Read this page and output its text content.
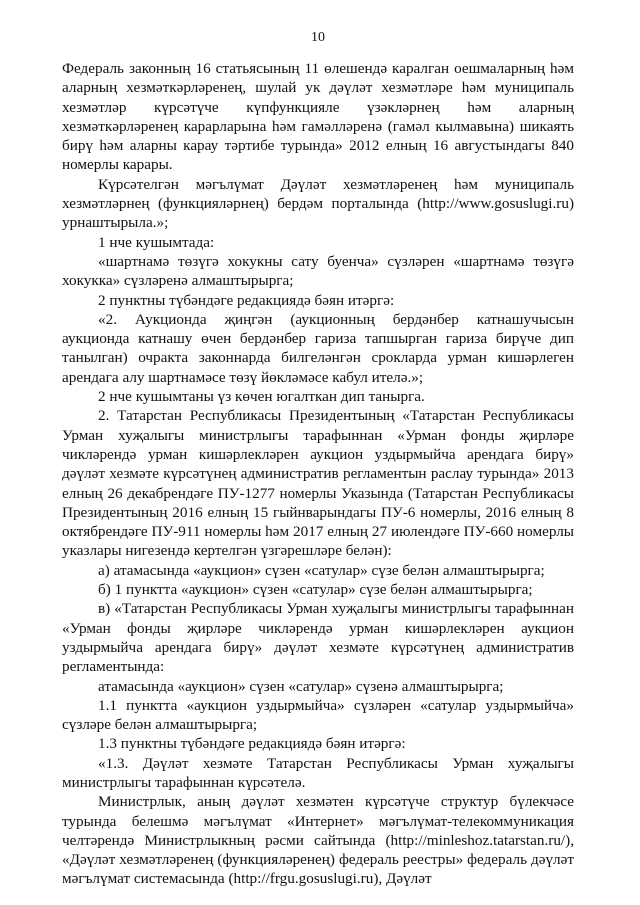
10

Федераль законның 16 статьясының 11 өлешендә каралган оешмаларның һәм аларның хезмәткәрләренең, шулай ук дәүләт хезмәтләре һәм муниципаль хезмәтләр күрсәтүче күпфункцияле үзәкләрнең һәм аларның хезмәткәрләренең карарларына һәм гамәлләренә (гамәл кылмавына) шикаять бирү һәм аларны карау тәртибе турында» 2012 елның 16 августындагы 840 номерлы карары.

Күрсәтелгән мәгълүмат Дәүләт хезмәтләренең һәм муниципаль хезмәтләрнең (функцияләрнең) бердәм порталында (http://www.gosuslugi.ru) урнаштырыла.»;

1 нче кушымтада:

«шартнамә төзүгә хокукны сату буенча» сүзләрен «шартнамә төзүгә хокукка» сүзләренә алмаштырырга;

2 пунктны түбәндәге редакциядә бәян итәргә:

«2. Аукционда җиңгән (аукционның бердәнбер катнашучысын аукционда катнашу өчен бердәнбер гариза тапшырган гариза бирүче дип танылган) очракта законнарда билгеләнгән срокларда урман кишәрлеген арендага алу шартнамәсе төзү йөкләмәсе кабул ителә.»;

2 нче кушымтаны үз көчен югалткан дип танырга.

2. Татарстан Республикасы Президентының «Татарстан Республикасы Урман хуҗалыгы министрлыгы тарафыннан «Урман фонды җирләре чикләрендә урман кишәрлекләрен аукцион уздырмыйча арендага бирү» дәүләт хезмәте күрсәтүнең административ регламентын раслау турында» 2013 елның 26 декабрендәге ПУ-1277 номерлы Указында (Татарстан Республикасы Президентының 2016 елның 15 гыйнварындагы ПУ-6 номерлы, 2016 елның 8 октябрендәге ПУ-911 номерлы һәм 2017 елның 27 июлендәге ПУ-660 номерлы указлары нигезендә кертелгән үзгәрешләре белән):

а) атамасында «аукцион» сүзен «сатулар» сүзе белән алмаштырырга;

б) 1 пунктта «аукцион» сүзен «сатулар» сүзе белән алмаштырырга;

в) «Татарстан Республикасы Урман хуҗалыгы министрлыгы тарафыннан «Урман фонды җирләре чикләрендә урман кишәрлекләрен аукцион уздырмыйча арендага бирү» дәүләт хезмәте күрсәтүнең административ регламентында:

атамасында «аукцион» сүзен «сатулар» сүзенә алмаштырырга;

1.1 пунктта «аукцион уздырмыйча» сүзләрен «сатулар уздырмыйча» сүзләре белән алмаштырырга;

1.3 пунктны түбәндәге редакциядә бәян итәргә:

«1.3. Дәүләт хезмәте Татарстан Республикасы Урман хуҗалыгы министрлыгы тарафыннан күрсәтелә.

Министрлык, аның дәүләт хезмәтен күрсәтүче структур бүлекчәсе турында белешмә мәгълүмат «Интернет» мәгълүмат-телекоммуникация челтәрендә Министрлыкның рәсми сайтында (http://minleshoz.tatarstan.ru/), «Дәүләт хезмәтләренең (функцияләренең) федераль реестры» федераль дәүләт мәгълүмат системасында (http://frgu.gosuslugi.ru), Дәүләт
